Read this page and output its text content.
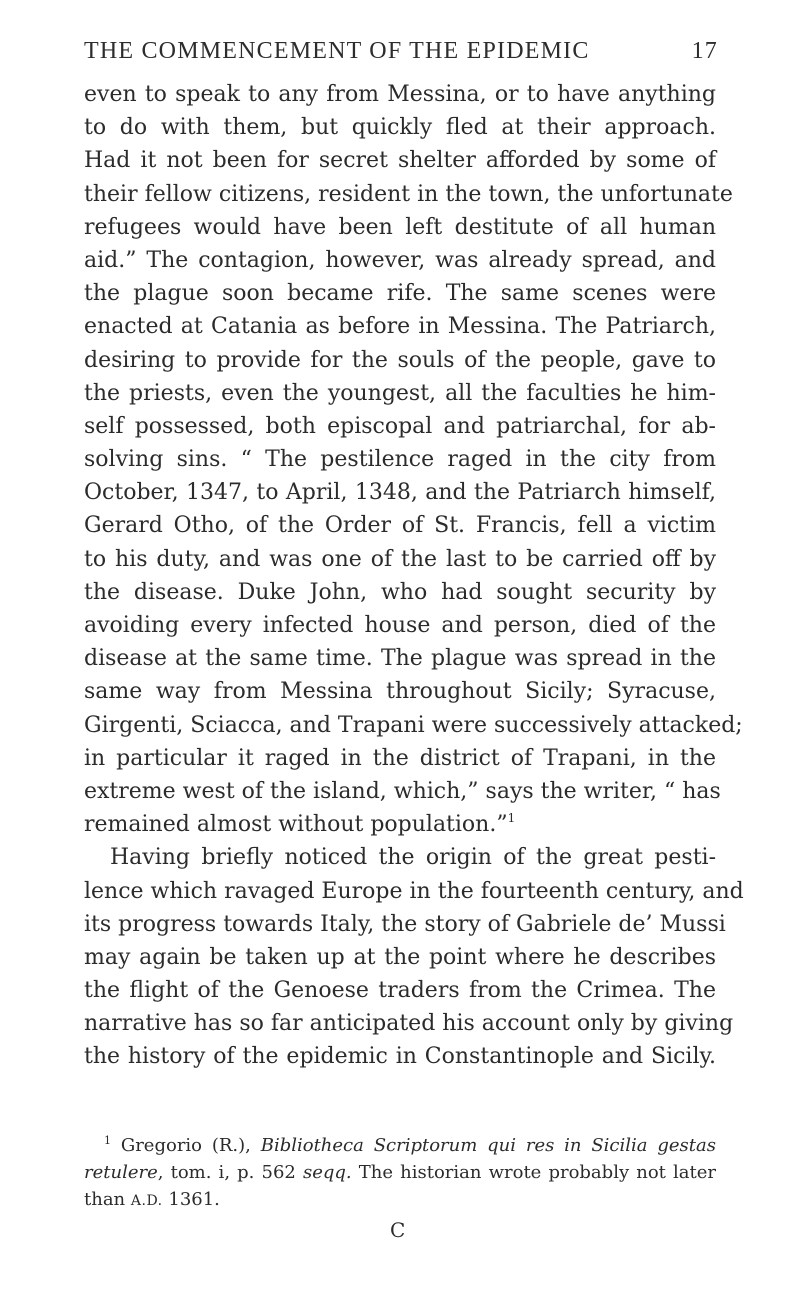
THE COMMENCEMENT OF THE EPIDEMIC	17
even to speak to any from Messina, or to have anything
to do with them, but quickly fled at their approach.
Had it not been for secret shelter afforded by some of
their fellow citizens, resident in the town, the unfortunate
refugees would have been left destitute of all human
aid.” The contagion, however, was already spread, and
the plague soon became rife. The same scenes were
enacted at Catania as before in Messina. The Patriarch,
desiring to provide for the souls of the people, gave to
the priests, even the youngest, all the faculties he him-
self possessed, both episcopal and patriarchal, for ab-
solving sins. “ The pestilence raged in the city from
October, 1347, to April, 1348, and the Patriarch himself,
Gerard Otho, of the Order of St. Francis, fell a victim
to his duty, and was one of the last to be carried off by
the disease. Duke John, who had sought security by
avoiding every infected house and person, died of the
disease at the same time. The plague was spread in the
same way from Messina throughout Sicily; Syracuse,
Girgenti, Sciacca, and Trapani were successively attacked;
in particular it raged in the district of Trapani, in the
extreme west of the island, which,” says the writer, “ has
remained almost without population.”$^1$
Having briefly noticed the origin of the great pesti-
lence which ravaged Europe in the fourteenth century, and
its progress towards Italy, the story of Gabriele de’ Mussi
may again be taken up at the point where he describes
the flight of the Genoese traders from the Crimea. The
narrative has so far anticipated his account only by giving
the history of the epidemic in Constantinople and Sicily.
$^1$ Gregorio (R.), Bibliotheca Scriptorum qui res in Sicilia gestas
retulere, tom. i, p. 562 seqq. The historian wrote probably not later
than A.D. 1361.
C
